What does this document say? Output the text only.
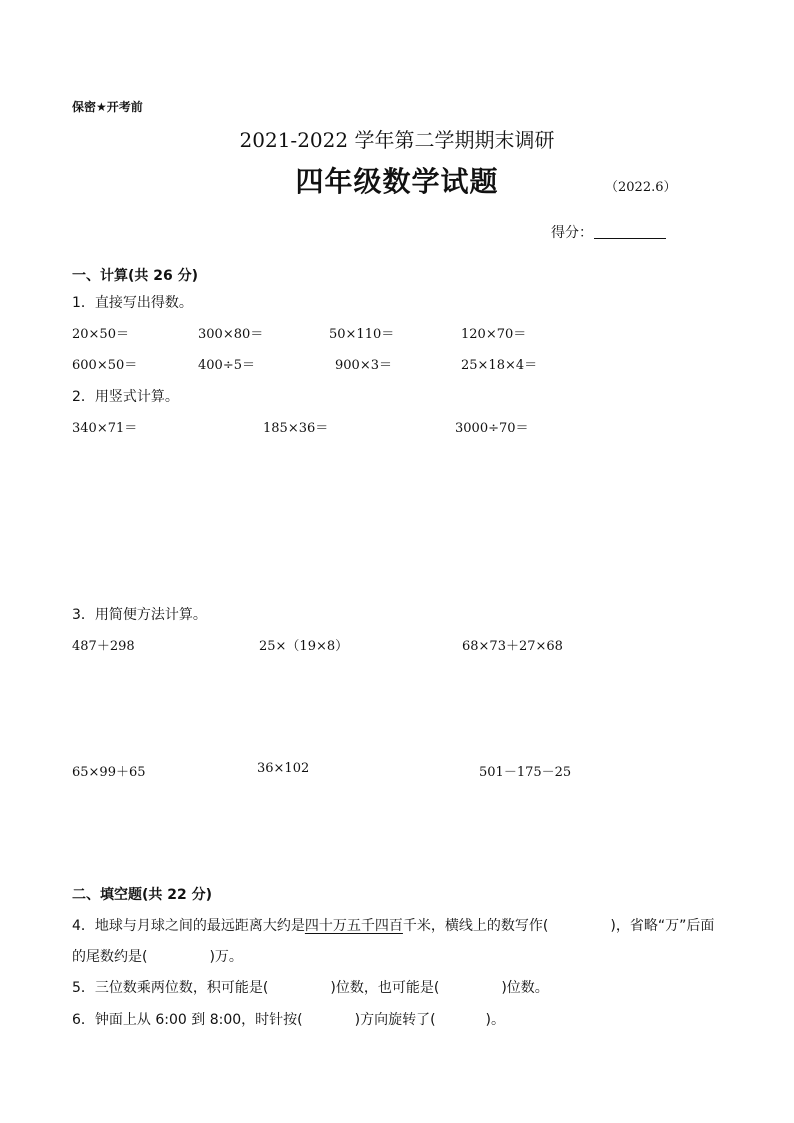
保密★开考前
2021-2022 学年第二学期期末调研
四年级数学试题	（2022.6）
得分：
一、计算(共 26 分)
1．直接写出得数。
20×50＝	300×80＝	50×110＝	120×70＝
600×50＝	400÷5＝	900×3＝	25×18×4＝
2．用竖式计算。
340×71＝	185×36＝	3000÷70＝
3．用简便方法计算。
487＋298	25×（19×8）	68×73＋27×68
65×99＋65	36×102	501－175－25
二、填空题(共 22 分)
4．地球与月球之间的最远距离大约是四十万五千四百千米，横线上的数写作(	)，省略“万”后面
的尾数约是(	)万。
5．三位数乘两位数，积可能是(	)位数，也可能是(	)位数。
6．钟面上从 6:00 到 8:00，时针按(	)方向旋转了(	)。
